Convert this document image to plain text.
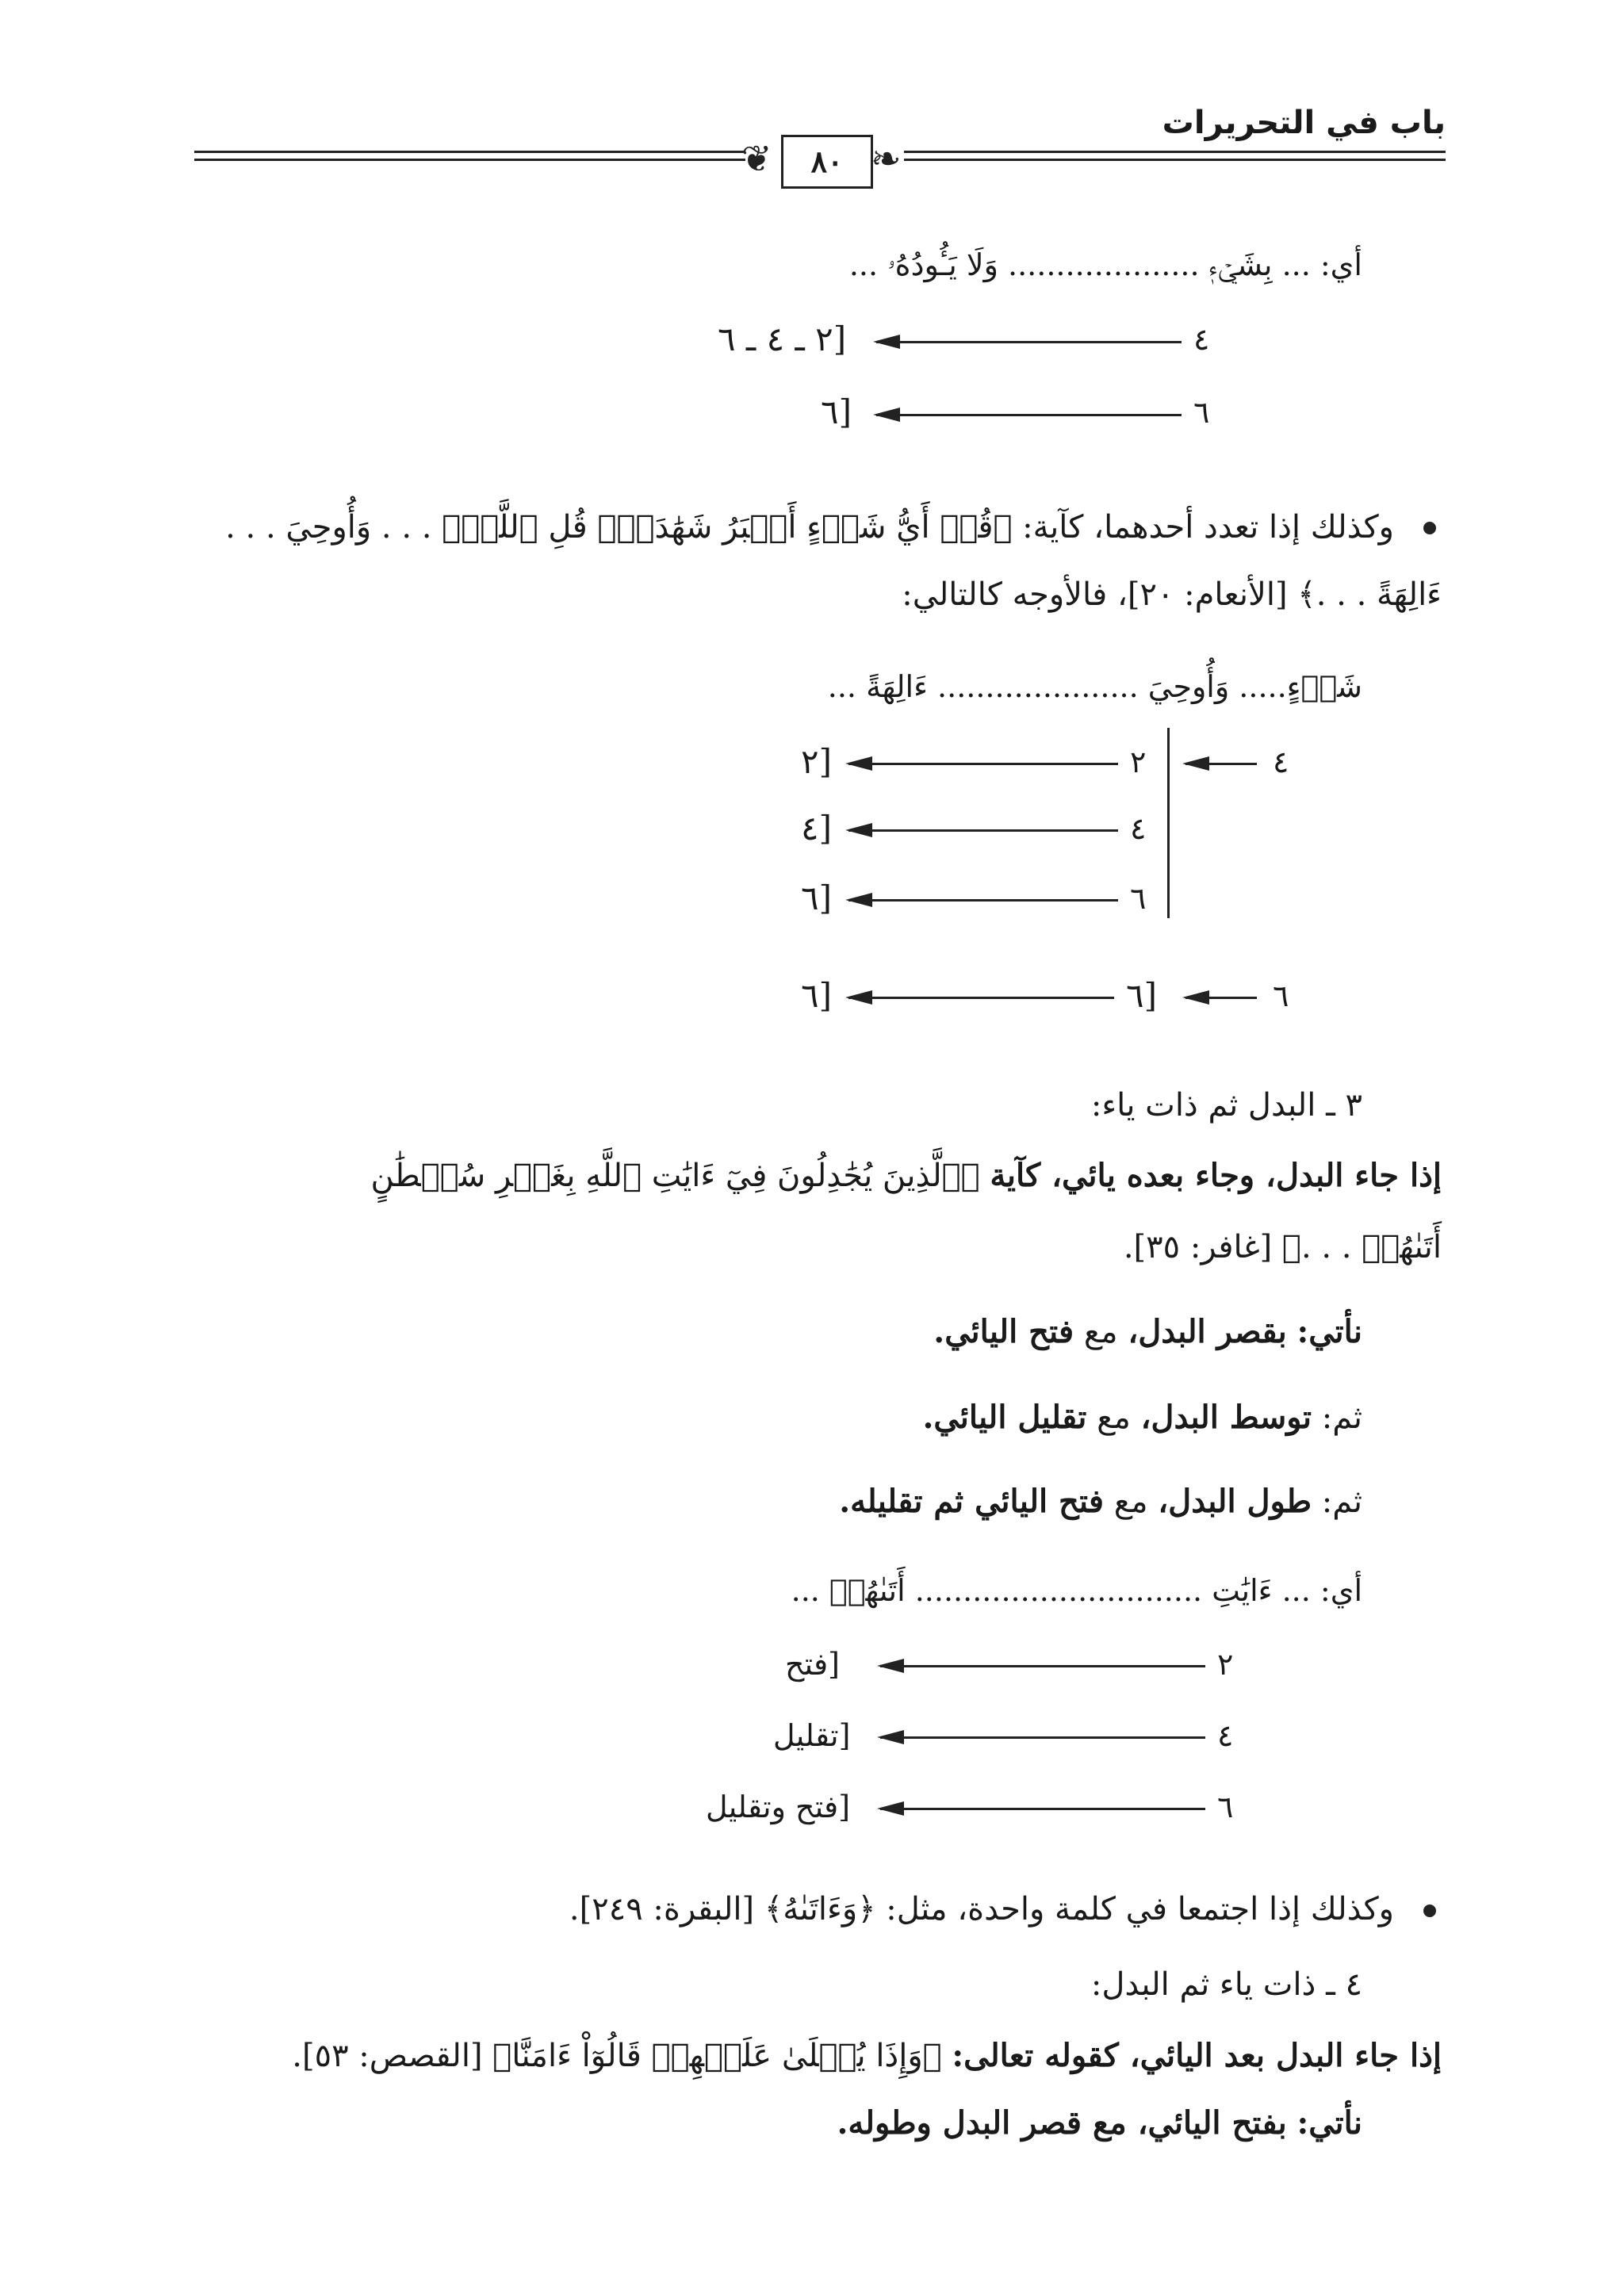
باب في التحريرات
❦	❧
٨٠
أي: ... بِشَيۡءٖ .................... وَلَا يَـُٔودُهُۥ ...
٤
[٢ ـ ٤ ـ ٦
٦
[٦
وكذلك إذا تعدد أحدهما، كآية: ﴿قُلۡ أَيُّ شَيۡءٍ أَكۡبَرُ شَهَٰدَةٗۖ قُلِ ٱللَّهُۖ . . . وَأُوحِيَ . . .
ءَالِهَةً . . .﴾ [الأنعام: ٢٠]، فالأوجه كالتالي:
شَيۡءٍ..... وَأُوحِيَ ..................... ءَالِهَةً ...
٤
٢
[٢
٤
[٤
٦
[٦
٦
[٦
[٦
٣ ـ البدل ثم ذات ياء:
إذا جاء البدل، وجاء بعده يائي، كآية ﴿ٱلَّذِينَ يُجَٰدِلُونَ فِيٓ ءَايَٰتِ ٱللَّهِ بِغَيۡرِ سُلۡطَٰنٍ
أَتَىٰهُمۡ . . .﴾ [غافر: ٣٥].
نأتي: بقصر البدل، مع فتح اليائي.
ثم: توسط البدل، مع تقليل اليائي.
ثم: طول البدل، مع فتح اليائي ثم تقليله.
أي: ... ءَايَٰتِ .............................. أَتَىٰهُمۡ ...
٢
[فتح
٤
[تقليل
٦
[فتح وتقليل
وكذلك إذا اجتمعا في كلمة واحدة، مثل: ﴿وَءَاتَىٰهُ﴾ [البقرة: ٢٤٩].
٤ ـ ذات ياء ثم البدل:
إذا جاء البدل بعد اليائي، كقوله تعالى: ﴿وَإِذَا يُتۡلَىٰ عَلَيۡهِمۡ قَالُوٓاْ ءَامَنَّا﴾ [القصص: ٥٣].
نأتي: بفتح اليائي، مع قصر البدل وطوله.
